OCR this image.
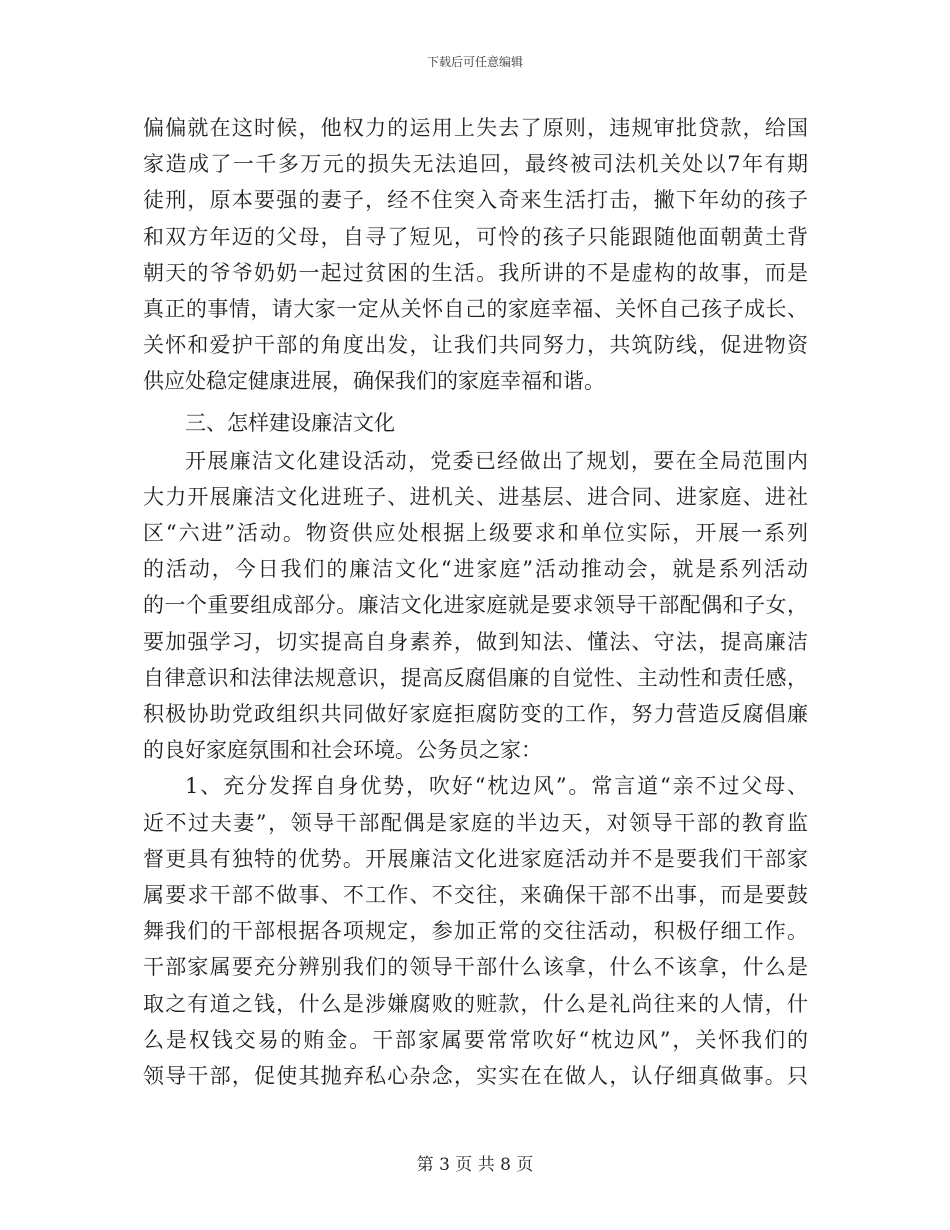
下载后可任意编辑
偏偏就在这时候，他权力的运用上失去了原则，违规审批贷款，给国
家造成了一千多万元的损失无法追回，最终被司法机关处以7年有期
徒刑，原本要强的妻子，经不住突入奇来生活打击，撇下年幼的孩子
和双方年迈的父母，自寻了短见，可怜的孩子只能跟随他面朝黄土背
朝天的爷爷奶奶一起过贫困的生活。我所讲的不是虚构的故事，而是
真正的事情，请大家一定从关怀自己的家庭幸福、关怀自己孩子成长、
关怀和爱护干部的角度出发，让我们共同努力，共筑防线，促进物资
供应处稳定健康进展，确保我们的家庭幸福和谐。
三、怎样建设廉洁文化
开展廉洁文化建设活动，党委已经做出了规划，要在全局范围内
大力开展廉洁文化进班子、进机关、进基层、进合同、进家庭、进社
区“六进”活动。物资供应处根据上级要求和单位实际，开展一系列
的活动，今日我们的廉洁文化“进家庭”活动推动会，就是系列活动
的一个重要组成部分。廉洁文化进家庭就是要求领导干部配偶和子女，
要加强学习，切实提高自身素养，做到知法、懂法、守法，提高廉洁
自律意识和法律法规意识，提高反腐倡廉的自觉性、主动性和责任感，
积极协助党政组织共同做好家庭拒腐防变的工作，努力营造反腐倡廉
的良好家庭氛围和社会环境。公务员之家：
1、充分发挥自身优势，吹好“枕边风”。常言道“亲不过父母、
近不过夫妻”，领导干部配偶是家庭的半边天，对领导干部的教育监
督更具有独特的优势。开展廉洁文化进家庭活动并不是要我们干部家
属要求干部不做事、不工作、不交往，来确保干部不出事，而是要鼓
舞我们的干部根据各项规定，参加正常的交往活动，积极仔细工作。
干部家属要充分辨别我们的领导干部什么该拿，什么不该拿，什么是
取之有道之钱，什么是涉嫌腐败的赃款，什么是礼尚往来的人情，什
么是权钱交易的贿金。干部家属要常常吹好“枕边风”，关怀我们的
领导干部，促使其抛弃私心杂念，实实在在做人，认仔细真做事。只
第 3 页 共 8 页
